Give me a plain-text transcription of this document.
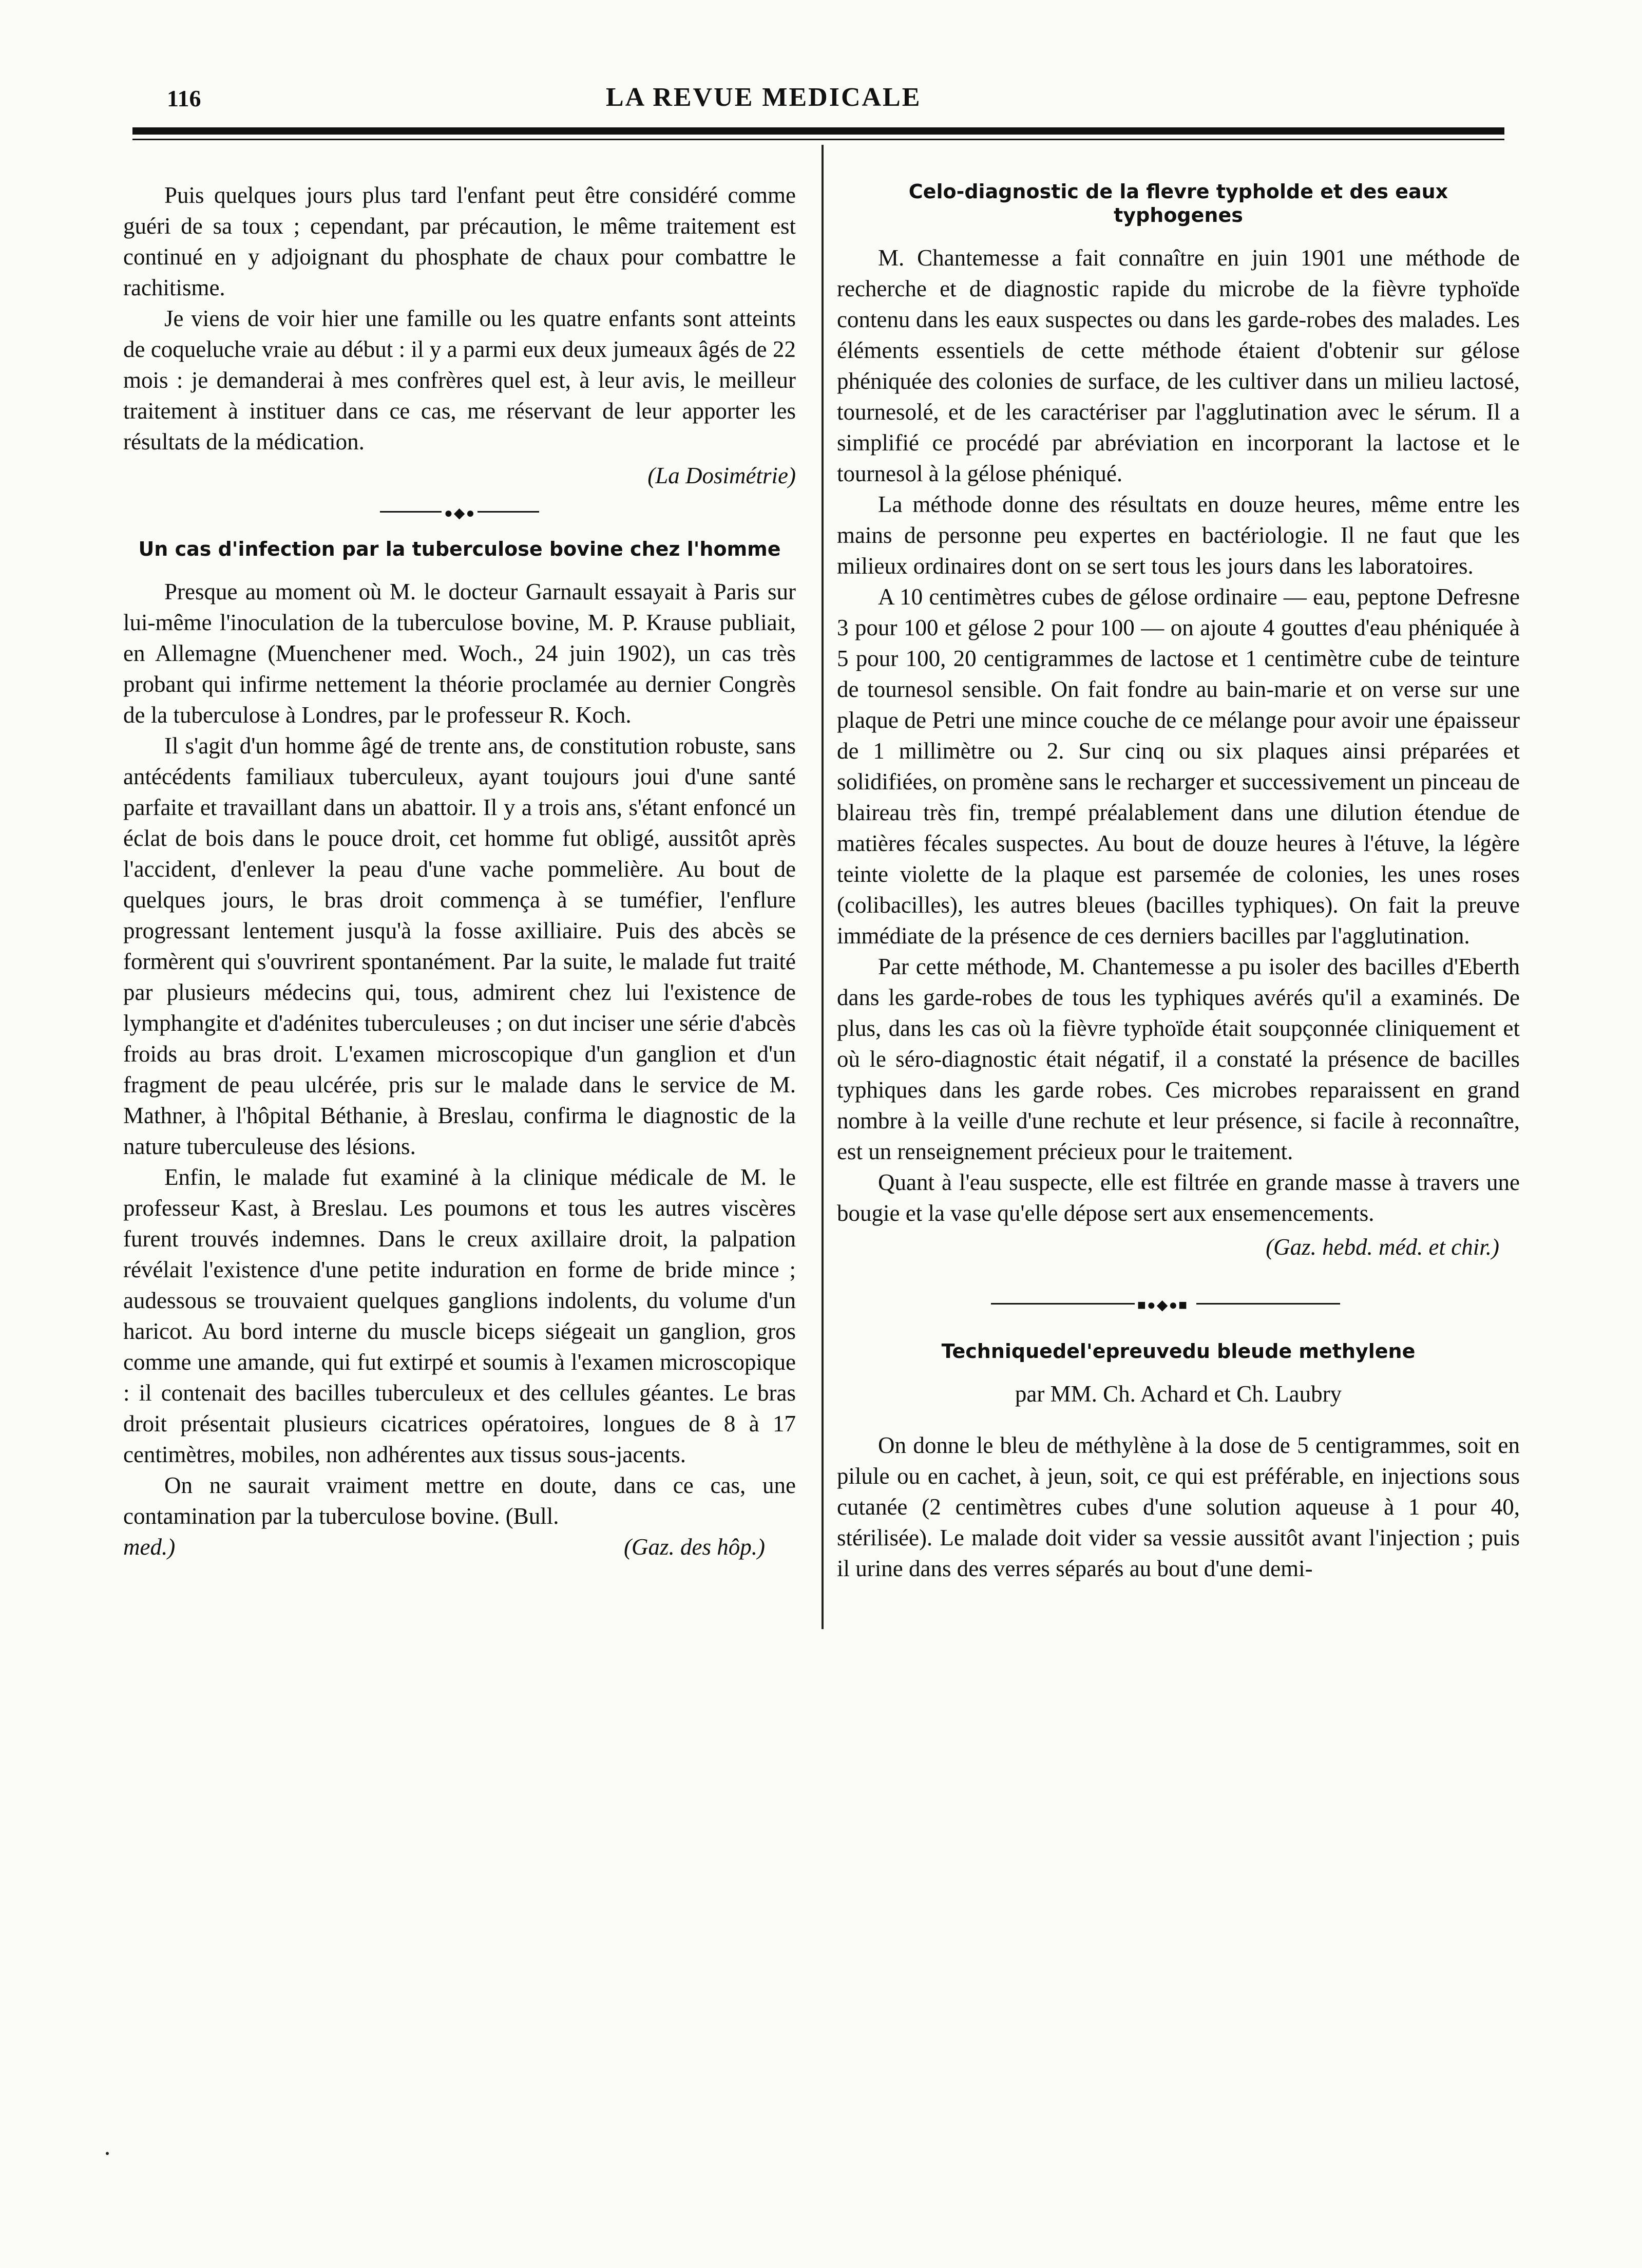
116	LA REVUE MEDICALE

Puis quelques jours plus tard l'enfant peut être considéré comme guéri de sa toux ; cependant, par précaution, le même traitement est continué en y adjoignant du phosphate de chaux pour combattre le rachitisme.

Je viens de voir hier une famille ou les quatre enfants sont atteints de coqueluche vraie au début : il y a parmi eux deux jumeaux âgés de 22 mois : je demanderai à mes confrères quel est, à leur avis, le meilleur traitement à instituer dans ce cas, me réservant de leur apporter les résultats de la médication.

(La Dosimétrie)
●◆●
Un cas d'infection par la tuberculose bovine chez l'homme

Presque au moment où M. le docteur Garnault essayait à Paris sur lui-même l'inoculation de la tuberculose bovine, M. P. Krause publiait, en Allemagne (Muenchener med. Woch., 24 juin 1902), un cas très probant qui infirme nettement la théorie proclamée au dernier Congrès de la tuberculose à Londres, par le professeur R. Koch.

Il s'agit d'un homme âgé de trente ans, de constitution robuste, sans antécédents familiaux tuberculeux, ayant toujours joui d'une santé parfaite et travaillant dans un abattoir. Il y a trois ans, s'étant enfoncé un éclat de bois dans le pouce droit, cet homme fut obligé, aussitôt après l'accident, d'enlever la peau d'une vache pommelière. Au bout de quelques jours, le bras droit commença à se tuméfier, l'enflure progressant lentement jusqu'à la fosse axilliaire. Puis des abcès se formèrent qui s'ouvrirent spontanément. Par la suite, le malade fut traité par plusieurs médecins qui, tous, admirent chez lui l'existence de lymphangite et d'adénites tuberculeuses ; on dut inciser une série d'abcès froids au bras droit. L'examen microscopique d'un ganglion et d'un fragment de peau ulcérée, pris sur le malade dans le service de M. Mathner, à l'hôpital Béthanie, à Breslau, confirma le diagnostic de la nature tuberculeuse des lésions.

Enfin, le malade fut examiné à la clinique médicale de M. le professeur Kast, à Breslau. Les poumons et tous les autres viscères furent trouvés indemnes. Dans le creux axillaire droit, la palpation révélait l'existence d'une petite induration en forme de bride mince ; audessous se trouvaient quelques ganglions indolents, du volume d'un haricot. Au bord interne du muscle biceps siégeait un ganglion, gros comme une amande, qui fut extirpé et soumis à l'examen microscopique : il contenait des bacilles tuberculeux et des cellules géantes. Le bras droit présentait plusieurs cicatrices opératoires, longues de 8 à 17 centimètres, mobiles, non adhérentes aux tissus sous-jacents.

On ne saurait vraiment mettre en doute, dans ce cas, une contamination par la tuberculose bovine. (Bull.

med.)	(Gaz. des hôp.)
Celo-diagnostic de la flevre typholde et des eaux typhogenes

M. Chantemesse a fait connaître en juin 1901 une méthode de recherche et de diagnostic rapide du microbe de la fièvre typhoïde contenu dans les eaux suspectes ou dans les garde-robes des malades. Les éléments essentiels de cette méthode étaient d'obtenir sur gélose phéniquée des colonies de surface, de les cultiver dans un milieu lactosé, tournesolé, et de les caractériser par l'agglutination avec le sérum. Il a simplifié ce procédé par abréviation en incorporant la lactose et le tournesol à la gélose phéniqué.

La méthode donne des résultats en douze heures, même entre les mains de personne peu expertes en bactériologie. Il ne faut que les milieux ordinaires dont on se sert tous les jours dans les laboratoires.

A 10 centimètres cubes de gélose ordinaire — eau, peptone Defresne 3 pour 100 et gélose 2 pour 100 — on ajoute 4 gouttes d'eau phéniquée à 5 pour 100, 20 centigrammes de lactose et 1 centimètre cube de teinture de tournesol sensible. On fait fondre au bain-marie et on verse sur une plaque de Petri une mince couche de ce mélange pour avoir une épaisseur de 1 millimètre ou 2. Sur cinq ou six plaques ainsi préparées et solidifiées, on promène sans le recharger et successivement un pinceau de blaireau très fin, trempé préalablement dans une dilution étendue de matières fécales suspectes. Au bout de douze heures à l'étuve, la légère teinte violette de la plaque est parsemée de colonies, les unes roses (colibacilles), les autres bleues (bacilles typhiques). On fait la preuve immédiate de la présence de ces derniers bacilles par l'agglutination.

Par cette méthode, M. Chantemesse a pu isoler des bacilles d'Eberth dans les garde-robes de tous les typhiques avérés qu'il a examinés. De plus, dans les cas où la fièvre typhoïde était soupçonnée cliniquement et où le séro-diagnostic était négatif, il a constaté la présence de bacilles typhiques dans les garde robes. Ces microbes reparaissent en grand nombre à la veille d'une rechute et leur présence, si facile à reconnaître, est un renseignement précieux pour le traitement.

Quant à l'eau suspecte, elle est filtrée en grande masse à travers une bougie et la vase qu'elle dépose sert aux ensemencements.

(Gaz. hebd. méd. et chir.)
■●◆●■
Techniquedel'epreuvedu bleude methylene
par MM. Ch. Achard et Ch. Laubry

On donne le bleu de méthylène à la dose de 5 centigrammes, soit en pilule ou en cachet, à jeun, soit, ce qui est préférable, en injections sous cutanée (2 centimètres cubes d'une solution aqueuse à 1 pour 40, stérilisée). Le malade doit vider sa vessie aussitôt avant l'injection ; puis il urine dans des verres séparés au bout d'une demi-
